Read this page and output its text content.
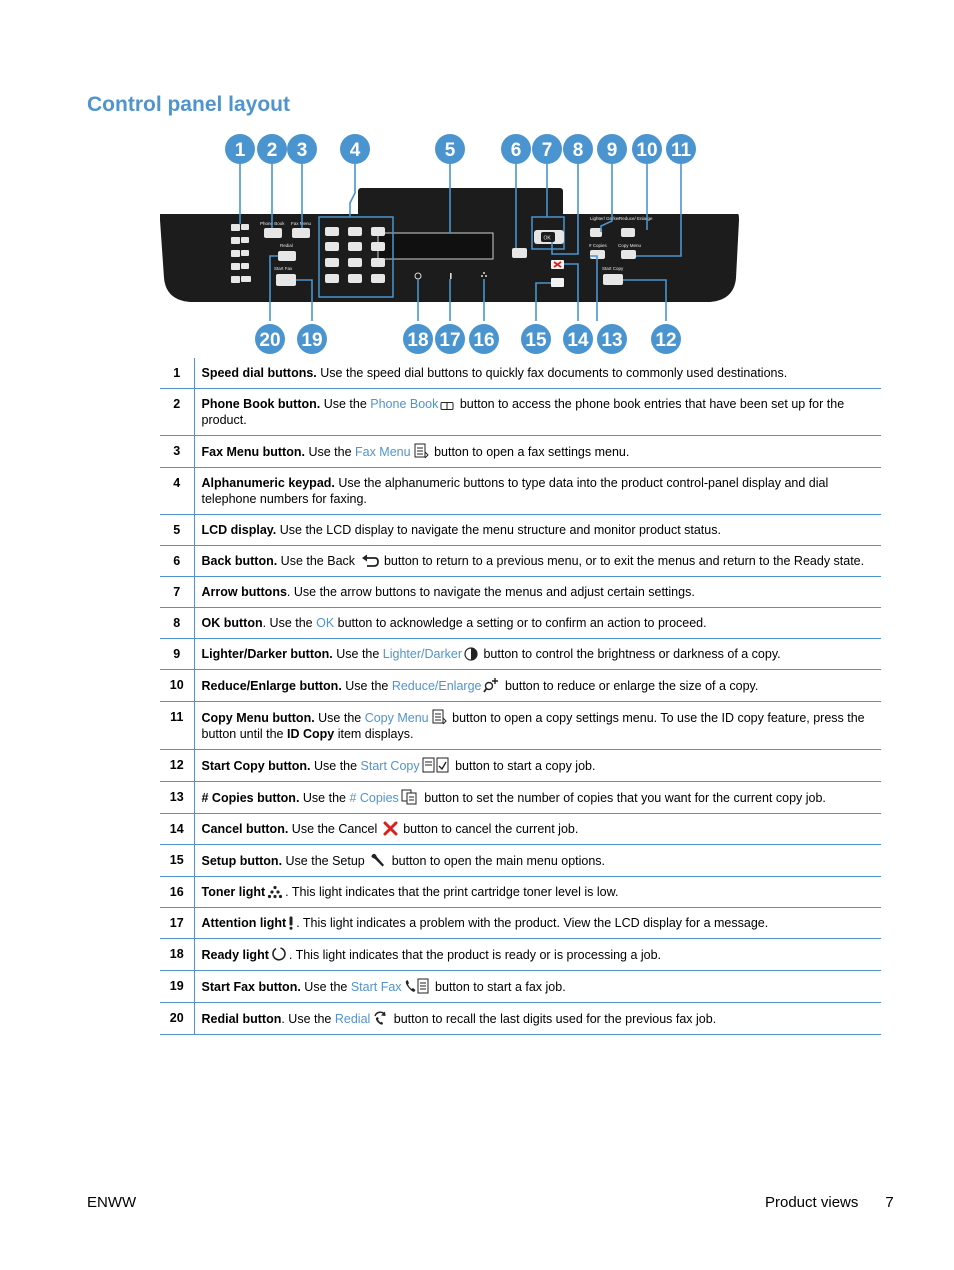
Control panel layout
Phone Book Fax Menu
Redial
Start Fax
OK
Lighter/ Darker Reduce/ Enlarge
# Copies Copy Menu
Start Copy
1 2 3 4	5	6 7 8 9 10 11
12
13
14
15
16
17
18
19
20
1	Speed dial buttons. Use the speed dial buttons to quickly fax documents to commonly used destinations.
2	Phone Book button. Use the Phone Book
button to access the phone book entries that have been set up for the product.
3	Fax Menu button. Use the Fax Menu
button to open a fax settings menu.
4	Alphanumeric keypad. Use the alphanumeric buttons to type data into the product control-panel display and dial telephone numbers for faxing.
5	LCD display. Use the LCD display to navigate the menu structure and monitor product status.
6	Back button. Use the Back
button to return to a previous menu, or to exit the menus and return to the Ready state.
7	Arrow buttons. Use the arrow buttons to navigate the menus and adjust certain settings.
8	OK button. Use the OK button to acknowledge a setting or to confirm an action to proceed.
9	Lighter/Darker button. Use the Lighter/Darker
button to control the brightness or darkness of a copy.
10	Reduce/Enlarge button. Use the Reduce/Enlarge
button to reduce or enlarge the size of a copy.
11	Copy Menu button. Use the Copy Menu
button to open a copy settings menu. To use the ID copy feature, press the button until the ID Copy item displays.
12	Start Copy button. Use the Start Copy button to start a copy job.
13	# Copies button. Use the # Copies
button to set the number of copies that you want for the current copy job.
14	Cancel button. Use the Cancel
button to cancel the current job.
15	Setup button. Use the Setup
button to open the main menu options.
16	Toner light . This light indicates that the print cartridge toner level is low.
17	Attention light . This light indicates a problem with the product. View the LCD display for a message.
18	Ready light . This light indicates that the product is ready or is processing a job.
19	Start Fax button. Use the Start Fax
button to start a fax job.
20	Redial button. Use the Redial
button to recall the last digits used for the previous fax job.
ENWW	Product views 7
